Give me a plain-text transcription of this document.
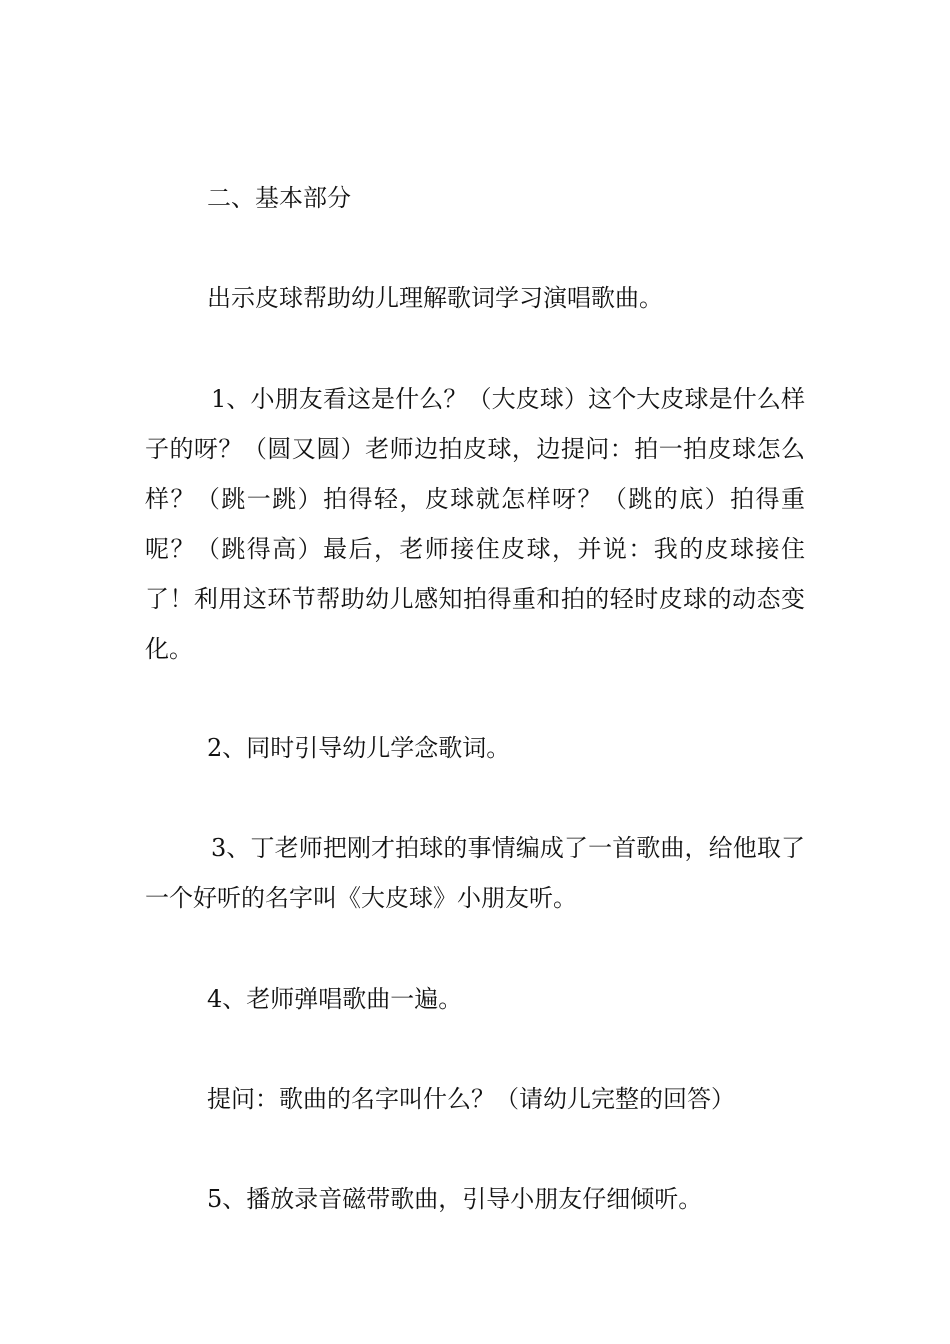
二、基本部分

出示皮球帮助幼儿理解歌词学习演唱歌曲。

1、小朋友看这是什么？（大皮球）这个大皮球是什么样子的呀？（圆又圆）老师边拍皮球，边提问：拍一拍皮球怎么样？（跳一跳）拍得轻，皮球就怎样呀？（跳的底）拍得重呢？（跳得高）最后，老师接住皮球，并说：我的皮球接住了！利用这环节帮助幼儿感知拍得重和拍的轻时皮球的动态变化。

2、同时引导幼儿学念歌词。

3、丁老师把刚才拍球的事情编成了一首歌曲，给他取了一个好听的名字叫《大皮球》小朋友听。

4、老师弹唱歌曲一遍。

提问：歌曲的名字叫什么？（请幼儿完整的回答）

5、播放录音磁带歌曲，引导小朋友仔细倾听。
